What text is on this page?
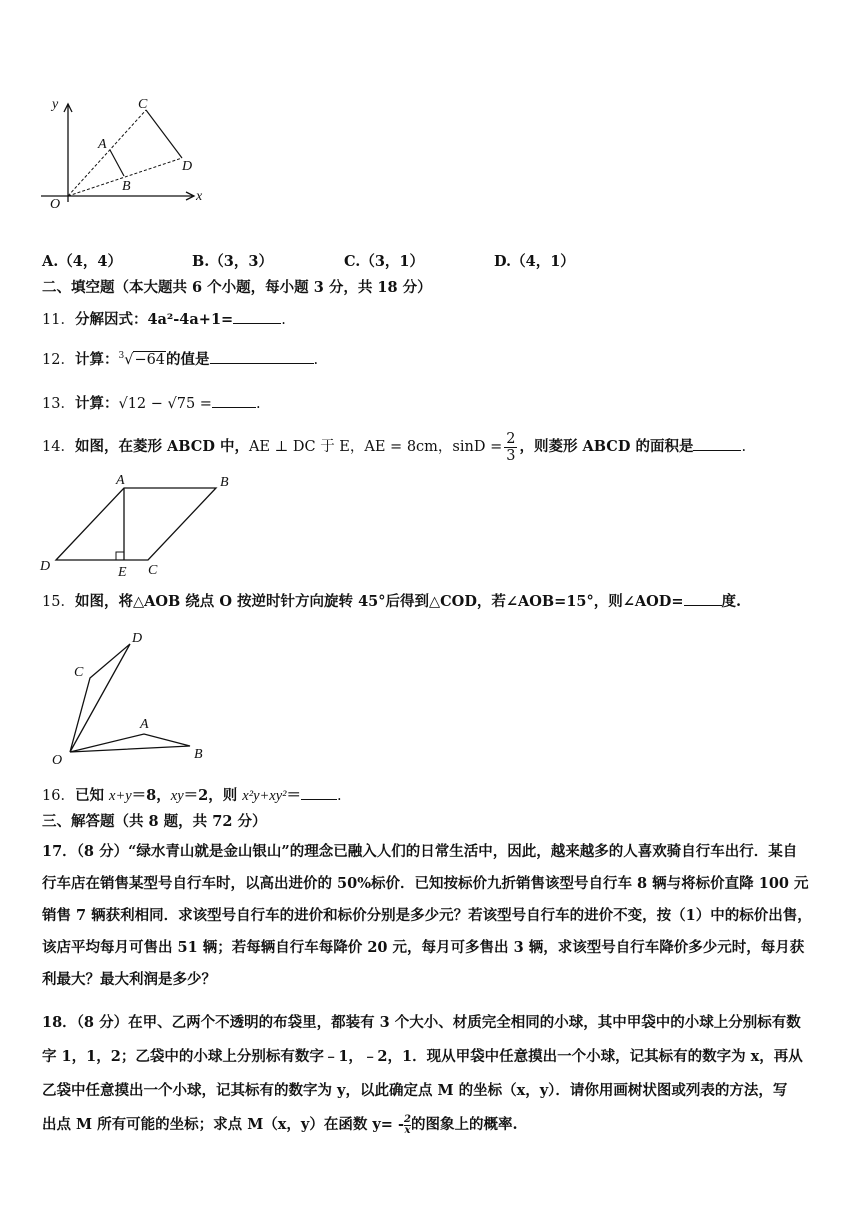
y
x
O
A
B
C
D
A.（4，4）	B.（3，3）	C.（3，1）	D.（4，1）
二、填空题（本大题共 6 个小题，每小题 3 分，共 18 分）
11．分解因式：4a²-4a+1=	.
12．计算：$^3$√−64的值是	.
13．计算：√12 − √75 =	.
14．如图，在菱形 ABCD 中，AE ⊥ DC 于 E，AE = 8cm，$\sin D = \frac{2}{3}$ ，则菱形 ABCD 的面积是	.
A	B
C
D	E
15．如图，将△AOB 绕点 O 按逆时针方向旋转 45°后得到△COD，若∠AOB=15°，则∠AOD=	度.
D
C
A
B
O
16．已知 x+y＝8，xy＝2，则 x²y+xy²＝ .
三、解答题（共 8 题，共 72 分）
17．（8 分）“绿水青山就是金山银山”的理念已融入人们的日常生活中，因此，越来越多的人喜欢骑自行车出行．某自
行车店在销售某型号自行车时，以高出进价的 50%标价．已知按标价九折销售该型号自行车 8 辆与将标价直降 100 元
销售 7 辆获利相同．求该型号自行车的进价和标价分别是多少元？若该型号自行车的进价不变，按（1）中的标价出售，
该店平均每月可售出 51 辆；若每辆自行车每降价 20 元，每月可多售出 3 辆，求该型号自行车降价多少元时，每月获
利最大？最大利润是多少？
18．（8 分）在甲、乙两个不透明的布袋里，都装有 3 个大小、材质完全相同的小球，其中甲袋中的小球上分别标有数
字 1，1，2；乙袋中的小球上分别标有数字﹣1，﹣2，1．现从甲袋中任意摸出一个小球，记其标有的数字为 x，再从
乙袋中任意摸出一个小球，记其标有的数字为 y，以此确定点 M 的坐标（x，y）．请你用画树状图或列表的方法，写
出点 M 所有可能的坐标；求点 M（x，y）在函数 $y= - \frac{2}{x}$ 的图象上的概率.
